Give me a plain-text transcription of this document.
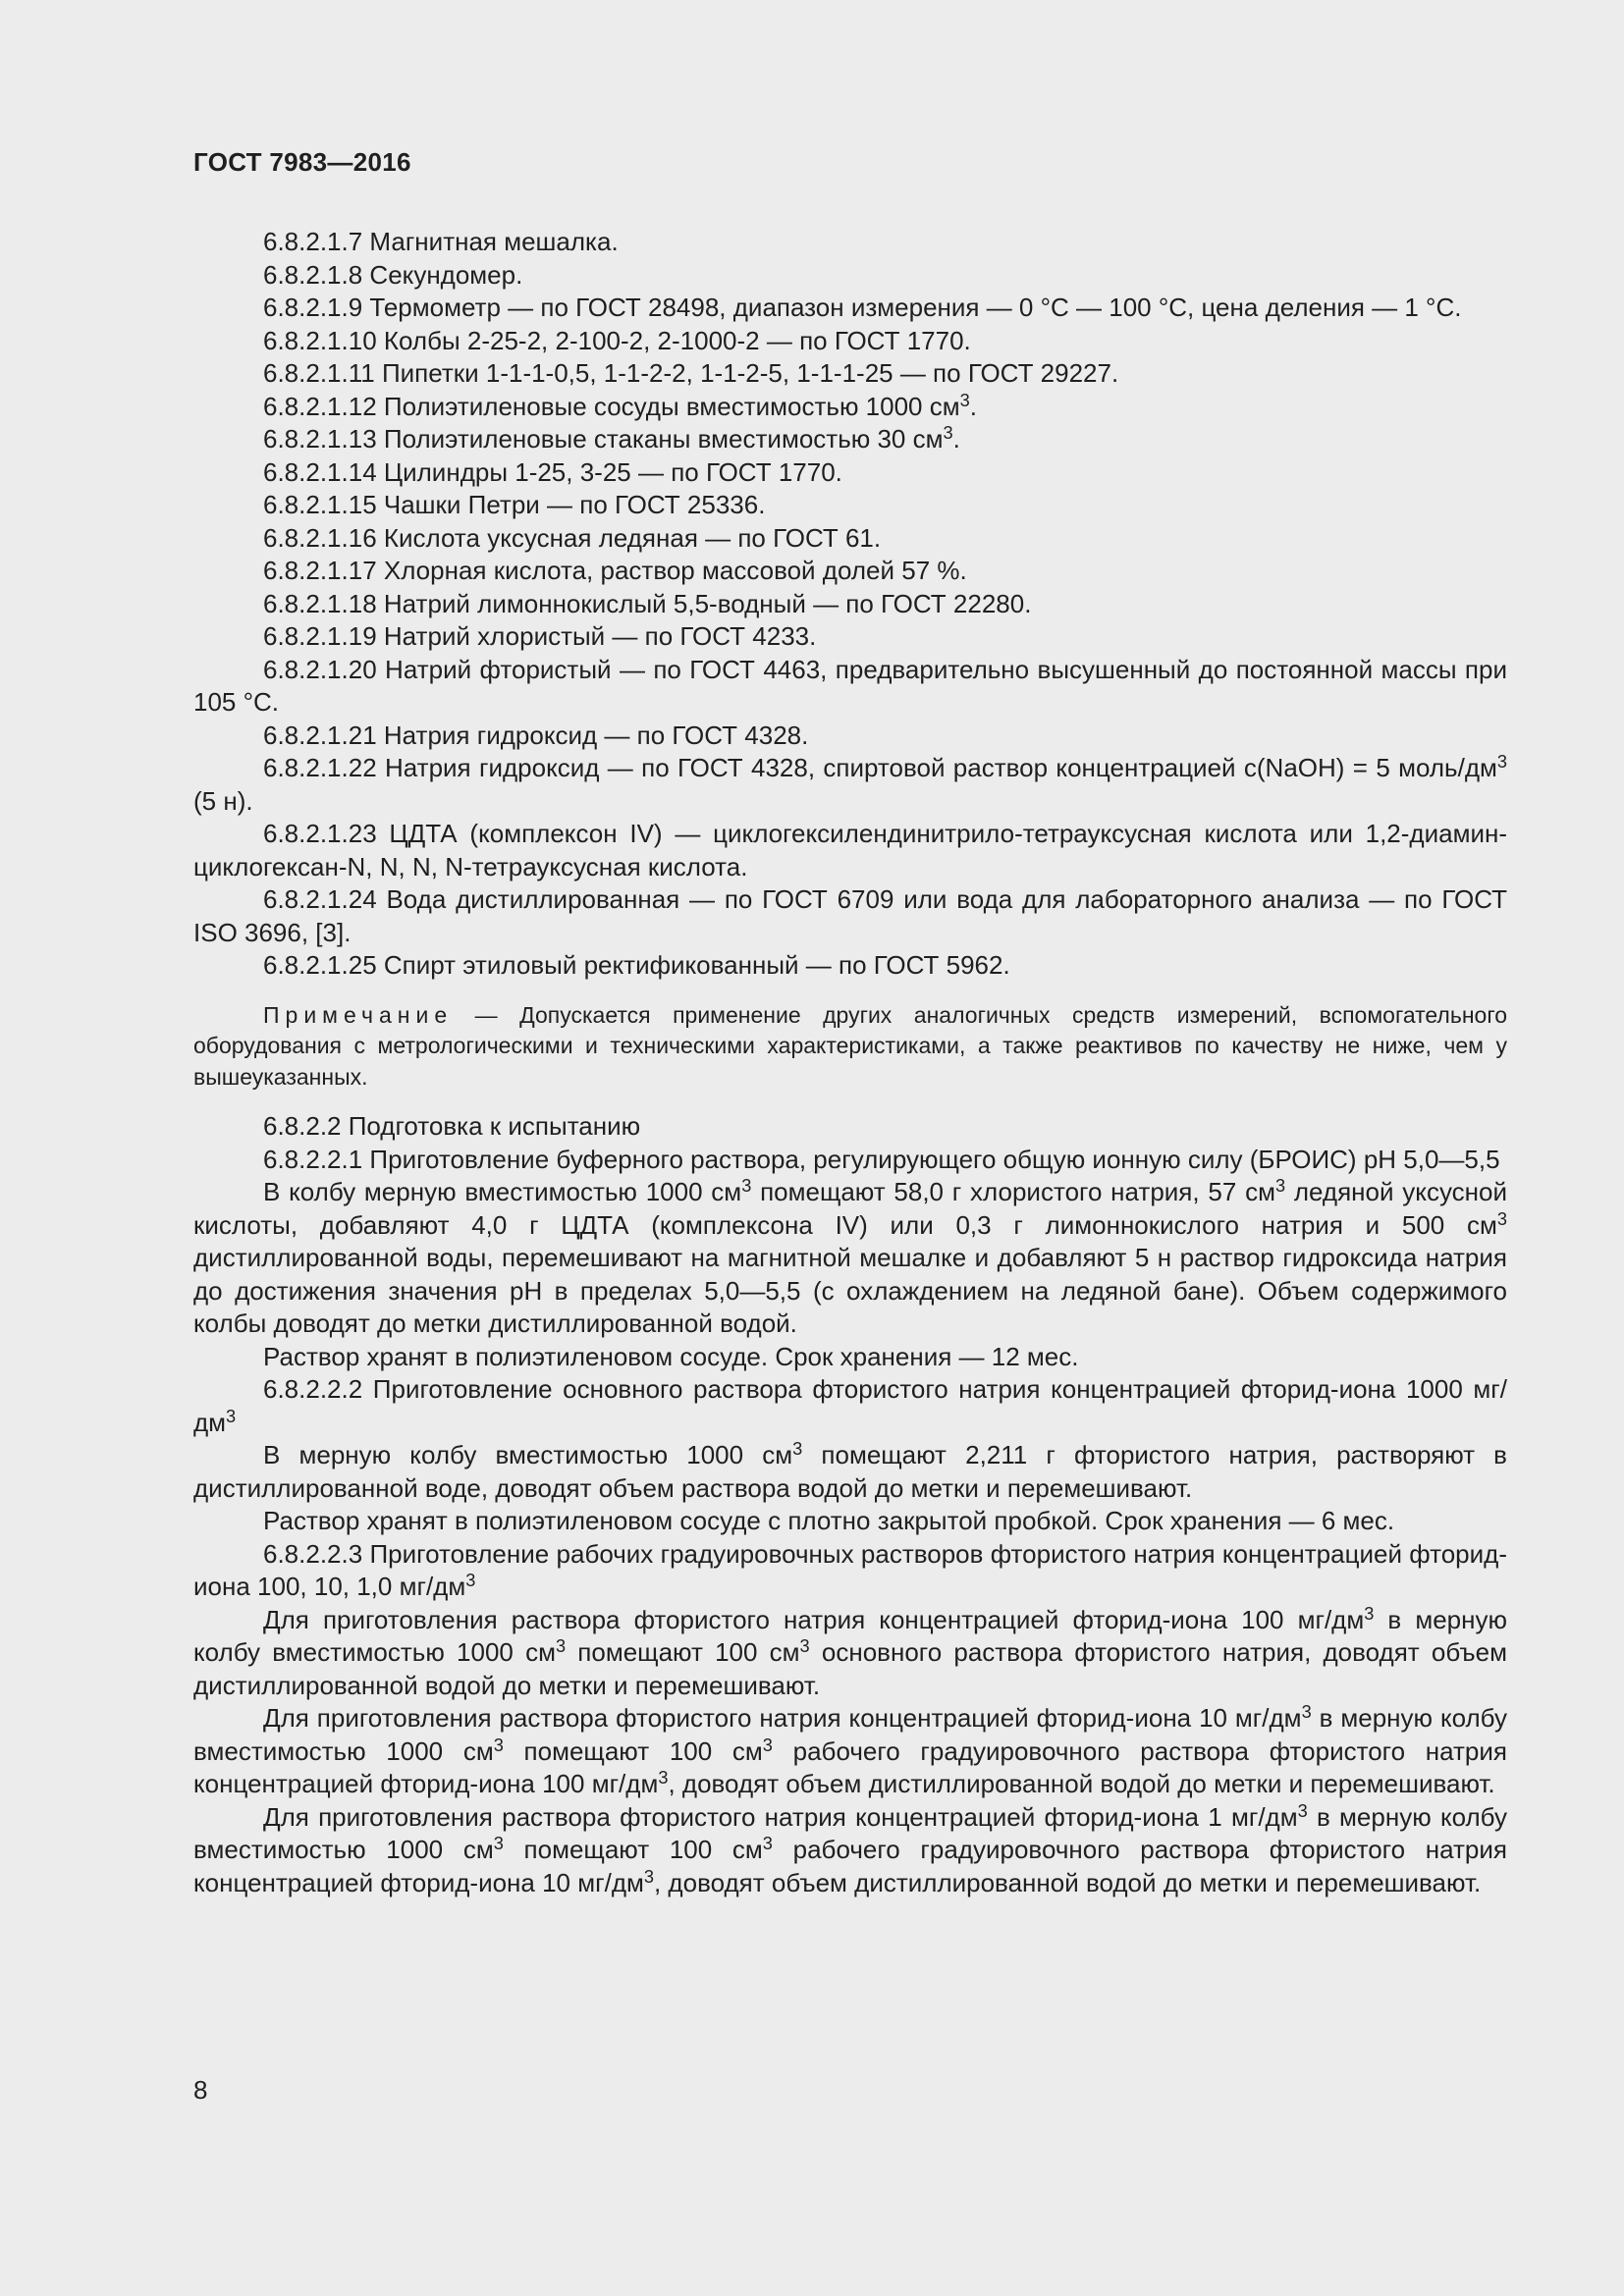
ГОСТ 7983—2016

6.8.2.1.7 Магнитная мешалка.

6.8.2.1.8 Секундомер.

6.8.2.1.9 Термометр — по ГОСТ 28498, диапазон измерения — 0 °С — 100 °С, цена деления — 1 °С.

6.8.2.1.10 Колбы 2-25-2, 2-100-2, 2-1000-2 — по ГОСТ 1770.

6.8.2.1.11 Пипетки 1-1-1-0,5, 1-1-2-2, 1-1-2-5, 1-1-1-25 — по ГОСТ 29227.

6.8.2.1.12 Полиэтиленовые сосуды вместимостью 1000 $см^3$.

6.8.2.1.13 Полиэтиленовые стаканы вместимостью 30 $см^3$.

6.8.2.1.14 Цилиндры 1-25, 3-25 — по ГОСТ 1770.

6.8.2.1.15 Чашки Петри — по ГОСТ 25336.

6.8.2.1.16 Кислота уксусная ледяная — по ГОСТ 61.

6.8.2.1.17 Хлорная кислота, раствор массовой долей 57 %.

6.8.2.1.18 Натрий лимоннокислый 5,5-водный — по ГОСТ 22280.

6.8.2.1.19 Натрий хлористый — по ГОСТ 4233.

6.8.2.1.20 Натрий фтористый — по ГОСТ 4463, предварительно высушенный до постоянной массы при 105 °С.

6.8.2.1.21 Натрия гидроксид — по ГОСТ 4328.

6.8.2.1.22 Натрия гидроксид — по ГОСТ 4328, спиртовой раствор концентрацией c(NaOH) = 5 моль/$дм^3$ (5 н).

6.8.2.1.23 ЦДТА (комплексон IV) — циклогексилендинитрило-тетрауксусная кислота или 1,2-диамин-циклогексан-N, N, N, N-тетрауксусная кислота.

6.8.2.1.24 Вода дистиллированная — по ГОСТ 6709 или вода для лабораторного анализа — по ГОСТ ISO 3696, [3].

6.8.2.1.25 Спирт этиловый ректификованный — по ГОСТ 5962.

Примечание — Допускается применение других аналогичных средств измерений, вспомогательного оборудования с метрологическими и техническими характеристиками, а также реактивов по качеству не ниже, чем у вышеуказанных.

6.8.2.2 Подготовка к испытанию

6.8.2.2.1 Приготовление буферного раствора, регулирующего общую ионную силу (БРОИС) pH 5,0—5,5

В колбу мерную вместимостью 1000 $см^3$ помещают 58,0 г хлористого натрия, 57 $см^3$ ледяной уксусной кислоты, добавляют 4,0 г ЦДТА (комплексона IV) или 0,3 г лимоннокислого натрия и 500 $см^3$ дистиллированной воды, перемешивают на магнитной мешалке и добавляют 5 н раствор гидроксида натрия до достижения значения pH в пределах 5,0—5,5 (с охлаждением на ледяной бане). Объем содержимого колбы доводят до метки дистиллированной водой.

Раствор хранят в полиэтиленовом сосуде. Срок хранения — 12 мес.

6.8.2.2.2 Приготовление основного раствора фтористого натрия концентрацией фторид-иона 1000 $мг/дм^3$

В мерную колбу вместимостью 1000 $см^3$ помещают 2,211 г фтористого натрия, растворяют в дистиллированной воде, доводят объем раствора водой до метки и перемешивают.

Раствор хранят в полиэтиленовом сосуде с плотно закрытой пробкой. Срок хранения — 6 мес.

6.8.2.2.3 Приготовление рабочих градуировочных растворов фтористого натрия концентрацией фторид-иона 100, 10, 1,0 $мг/дм^3$

Для приготовления раствора фтористого натрия концентрацией фторид-иона 100 $мг/дм^3$ в мерную колбу вместимостью 1000 $см^3$ помещают 100 $см^3$ основного раствора фтористого натрия, доводят объем дистиллированной водой до метки и перемешивают.

Для приготовления раствора фтористого натрия концентрацией фторид-иона 10 $мг/дм^3$ в мерную колбу вместимостью 1000 $см^3$ помещают 100 $см^3$ рабочего градуировочного раствора фтористого натрия концентрацией фторид-иона 100 $мг/дм^3$, доводят объем дистиллированной водой до метки и перемешивают.

Для приготовления раствора фтористого натрия концентрацией фторид-иона 1 $мг/дм^3$ в мерную колбу вместимостью 1000 $см^3$ помещают 100 $см^3$ рабочего градуировочного раствора фтористого натрия концентрацией фторид-иона 10 $мг/дм^3$, доводят объем дистиллированной водой до метки и перемешивают.

8
